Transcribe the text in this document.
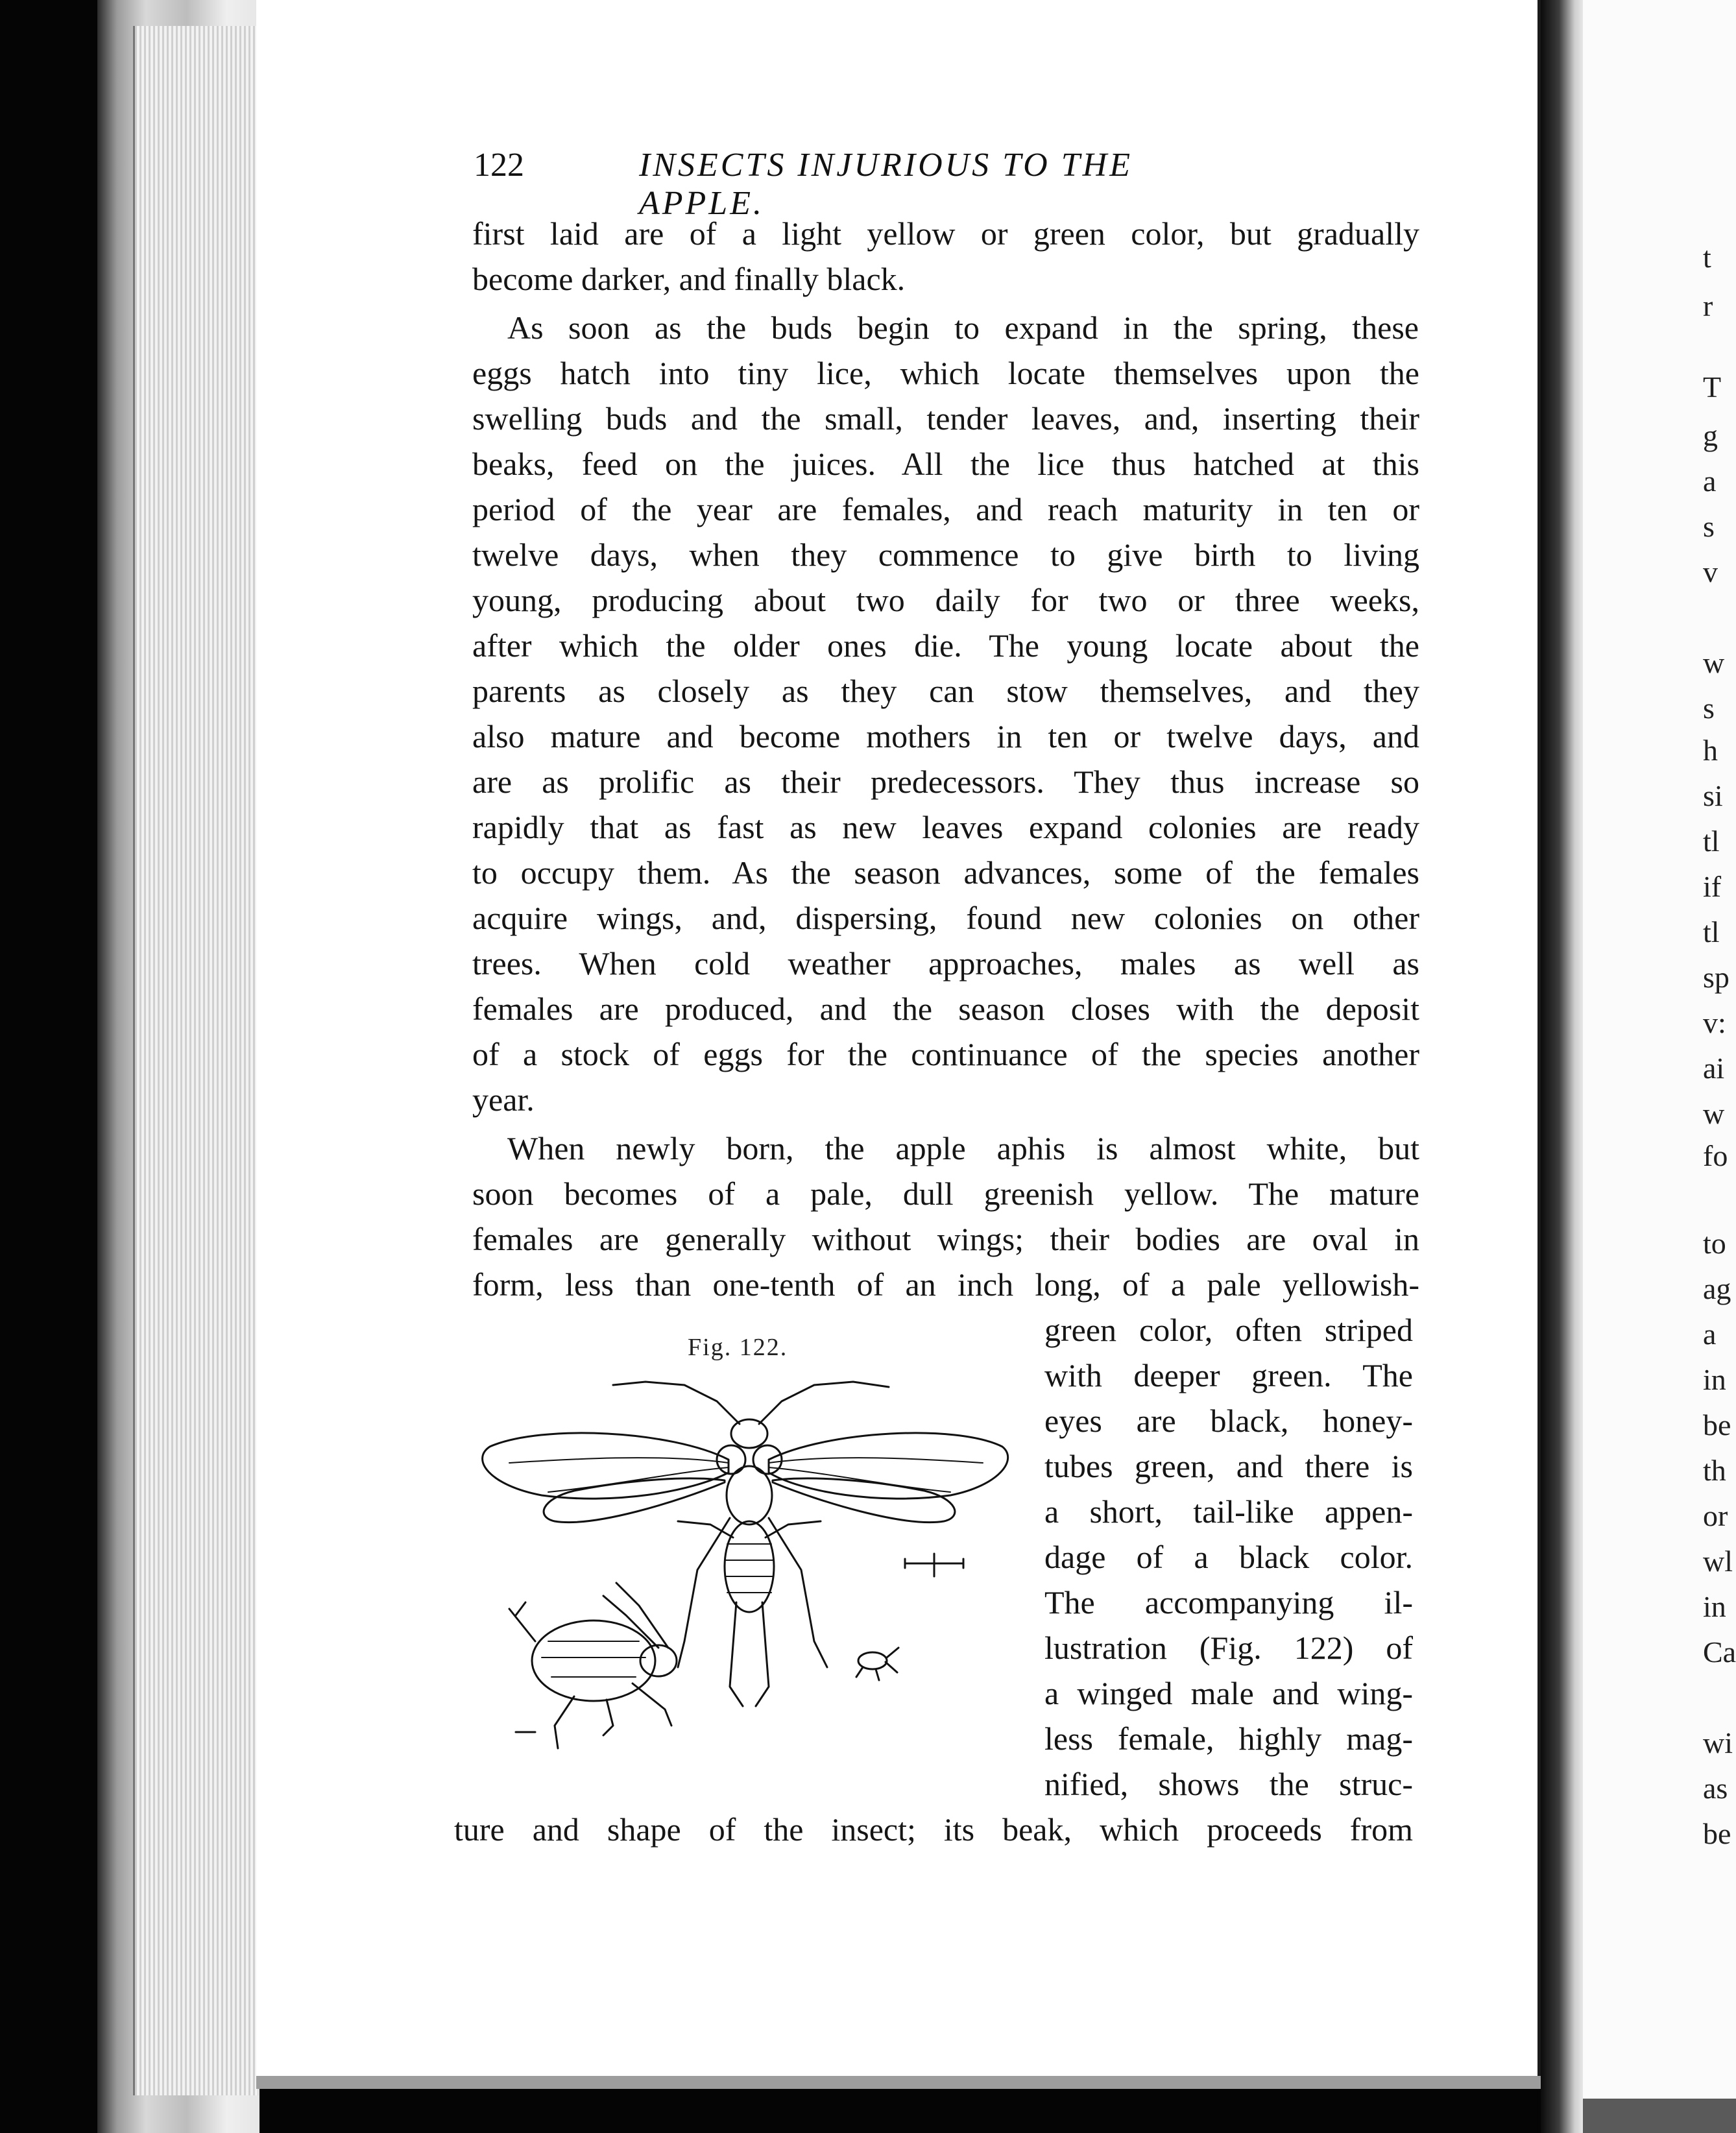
122	INSECTS INJURIOUS TO THE APPLE.
first laid are of a light yellow or green color, but gradually
become darker, and finally black.
As soon as the buds begin to expand in the spring, these
eggs hatch into tiny lice, which locate themselves upon the
swelling buds and the small, tender leaves, and, inserting their
beaks, feed on the juices. All the lice thus hatched at this
period of the year are females, and reach maturity in ten or
twelve days, when they commence to give birth to living
young, producing about two daily for two or three weeks,
after which the older ones die. The young locate about the
parents as closely as they can stow themselves, and they
also mature and become mothers in ten or twelve days, and
are as prolific as their predecessors. They thus increase so
rapidly that as fast as new leaves expand colonies are ready
to occupy them. As the season advances, some of the females
acquire wings, and, dispersing, found new colonies on other
trees. When cold weather approaches, males as well as
females are produced, and the season closes with the deposit
of a stock of eggs for the continuance of the species another
year.
When newly born, the apple aphis is almost white, but
soon becomes of a pale, dull greenish yellow. The mature
females are generally without wings; their bodies are oval in
form, less than one-tenth of an inch long, of a pale yellowish-
green color, often striped
with deeper green. The
eyes are black, honey-
tubes green, and there is
a short, tail-like appen-
dage of a black color.
The accompanying il-
lustration (Fig. 122) of
a winged male and wing-
less female, highly mag-
nified, shows the struc-
ture and shape of the insect; its beak, which proceeds from
Fig. 122.
t
r
T
g
a
s
v
w
s
h
si
tl
if
tl
sp
v:
ai
w
fo
to
ag
a
in
be
th
or
wl
in
Ca
wi
as
be
